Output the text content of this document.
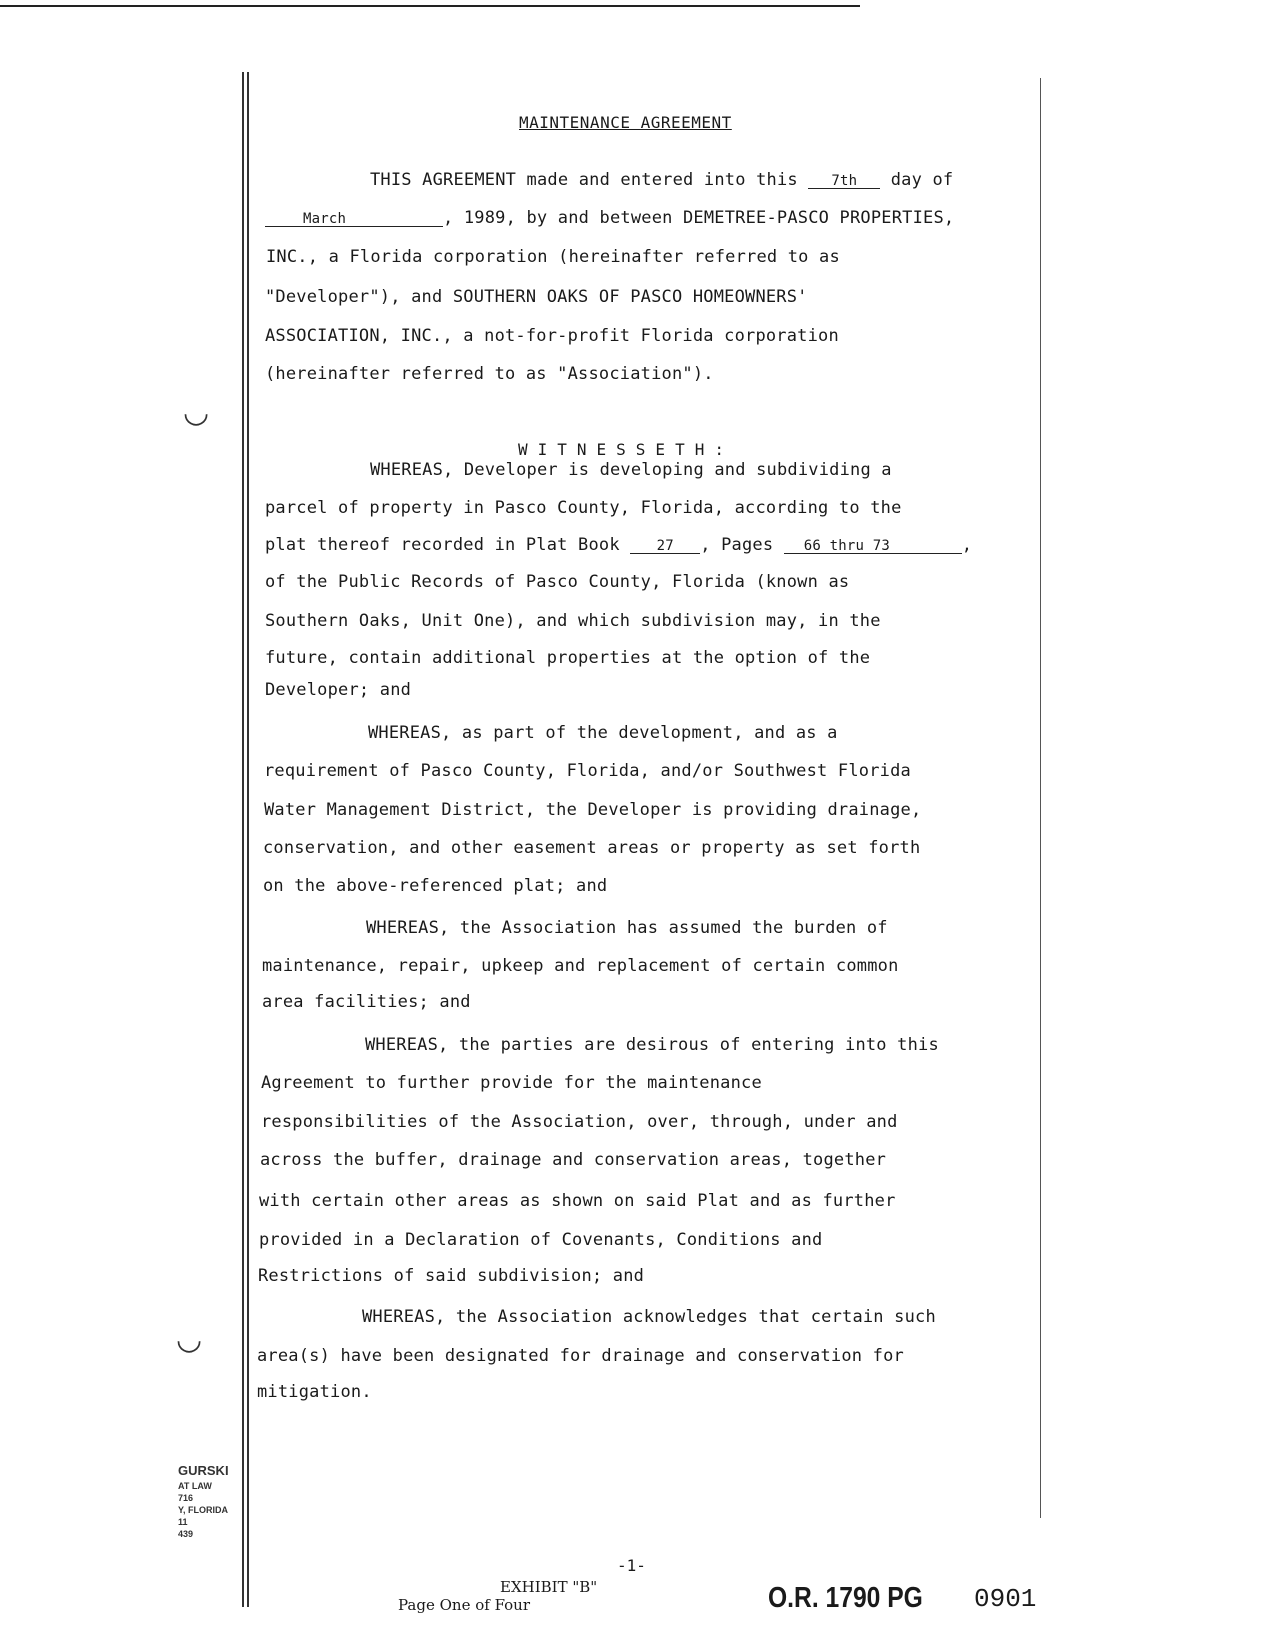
◡
◡
GURSKI
AT LAW
716
Y, FLORIDA
11
439
MAINTENANCE AGREEMENT
THIS AGREEMENT made and entered into this 7th day of
March	, 1989, by and between DEMETREE-PASCO PROPERTIES,
INC., a Florida corporation (hereinafter referred to as
"Developer"), and SOUTHERN OAKS OF PASCO HOMEOWNERS'
ASSOCIATION, INC., a not-for-profit Florida corporation
(hereinafter referred to as "Association").
WITNESSETH:
WHEREAS, Developer is developing and subdividing a
parcel of property in Pasco County, Florida, according to the
plat thereof recorded in Plat Book 27 , Pages 66 thru 73	,
of the Public Records of Pasco County, Florida (known as
Southern Oaks, Unit One), and which subdivision may, in the
future, contain additional properties at the option of the
Developer; and
WHEREAS, as part of the development, and as a
requirement of Pasco County, Florida, and/or Southwest Florida
Water Management District, the Developer is providing drainage,
conservation, and other easement areas or property as set forth
on the above-referenced plat; and
WHEREAS, the Association has assumed the burden of
maintenance, repair, upkeep and replacement of certain common
area facilities; and
WHEREAS, the parties are desirous of entering into this
Agreement to further provide for the maintenance
responsibilities of the Association, over, through, under and
across the buffer, drainage and conservation areas, together
with certain other areas as shown on said Plat and as further
provided in a Declaration of Covenants, Conditions and
Restrictions of said subdivision; and
WHEREAS, the Association acknowledges that certain such
area(s) have been designated for drainage and conservation for
mitigation.
-1-
EXHIBIT "B"
Page One of Four	O.R. 1790 PG 0901
